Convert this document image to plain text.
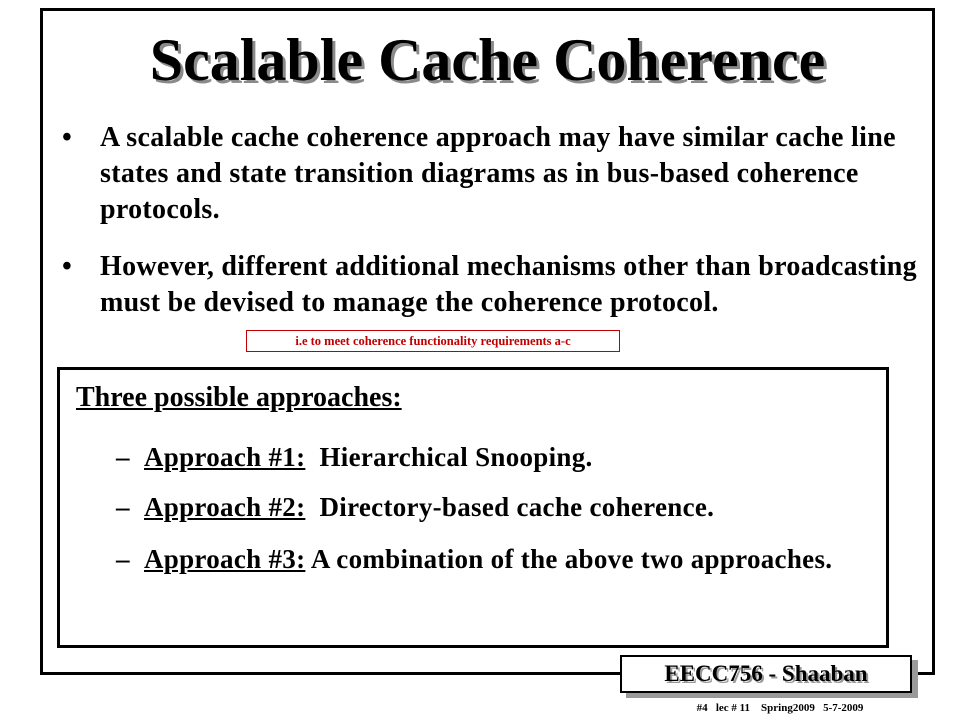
Scalable Cache Coherence
• A scalable cache coherence approach may have similar cache line states and state transition diagrams as in bus-based coherence protocols.
• However, different additional mechanisms other than broadcasting must be devised to manage the coherence protocol.
i.e to meet coherence functionality requirements a-c
Three possible approaches:
– Approach #1:  Hierarchical Snooping.
– Approach #2:  Directory-based cache coherence.
– Approach #3: A combination of the above two approaches.
EECC756 - Shaaban
#4   lec # 11    Spring2009   5-7-2009
